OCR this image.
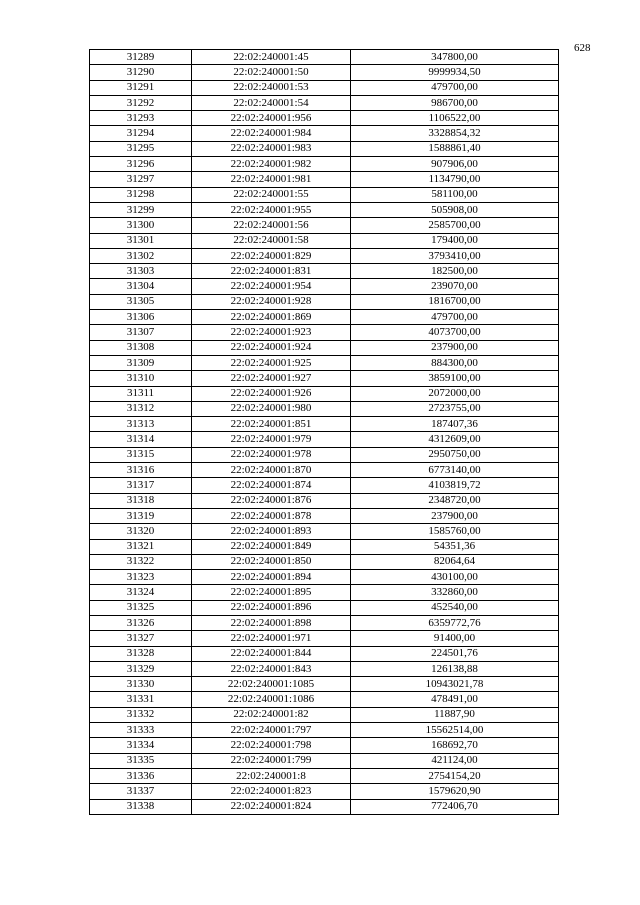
628
31289	22:02:240001:45	347800,00
31290	22:02:240001:50	9999934,50
31291	22:02:240001:53	479700,00
31292	22:02:240001:54	986700,00
31293	22:02:240001:956	1106522,00
31294	22:02:240001:984	3328854,32
31295	22:02:240001:983	1588861,40
31296	22:02:240001:982	907906,00
31297	22:02:240001:981	1134790,00
31298	22:02:240001:55	581100,00
31299	22:02:240001:955	505908,00
31300	22:02:240001:56	2585700,00
31301	22:02:240001:58	179400,00
31302	22:02:240001:829	3793410,00
31303	22:02:240001:831	182500,00
31304	22:02:240001:954	239070,00
31305	22:02:240001:928	1816700,00
31306	22:02:240001:869	479700,00
31307	22:02:240001:923	4073700,00
31308	22:02:240001:924	237900,00
31309	22:02:240001:925	884300,00
31310	22:02:240001:927	3859100,00
31311	22:02:240001:926	2072000,00
31312	22:02:240001:980	2723755,00
31313	22:02:240001:851	187407,36
31314	22:02:240001:979	4312609,00
31315	22:02:240001:978	2950750,00
31316	22:02:240001:870	6773140,00
31317	22:02:240001:874	4103819,72
31318	22:02:240001:876	2348720,00
31319	22:02:240001:878	237900,00
31320	22:02:240001:893	1585760,00
31321	22:02:240001:849	54351,36
31322	22:02:240001:850	82064,64
31323	22:02:240001:894	430100,00
31324	22:02:240001:895	332860,00
31325	22:02:240001:896	452540,00
31326	22:02:240001:898	6359772,76
31327	22:02:240001:971	91400,00
31328	22:02:240001:844	224501,76
31329	22:02:240001:843	126138,88
31330	22:02:240001:1085	10943021,78
31331	22:02:240001:1086	478491,00
31332	22:02:240001:82	11887,90
31333	22:02:240001:797	15562514,00
31334	22:02:240001:798	168692,70
31335	22:02:240001:799	421124,00
31336	22:02:240001:8	2754154,20
31337	22:02:240001:823	1579620,90
31338	22:02:240001:824	772406,70
